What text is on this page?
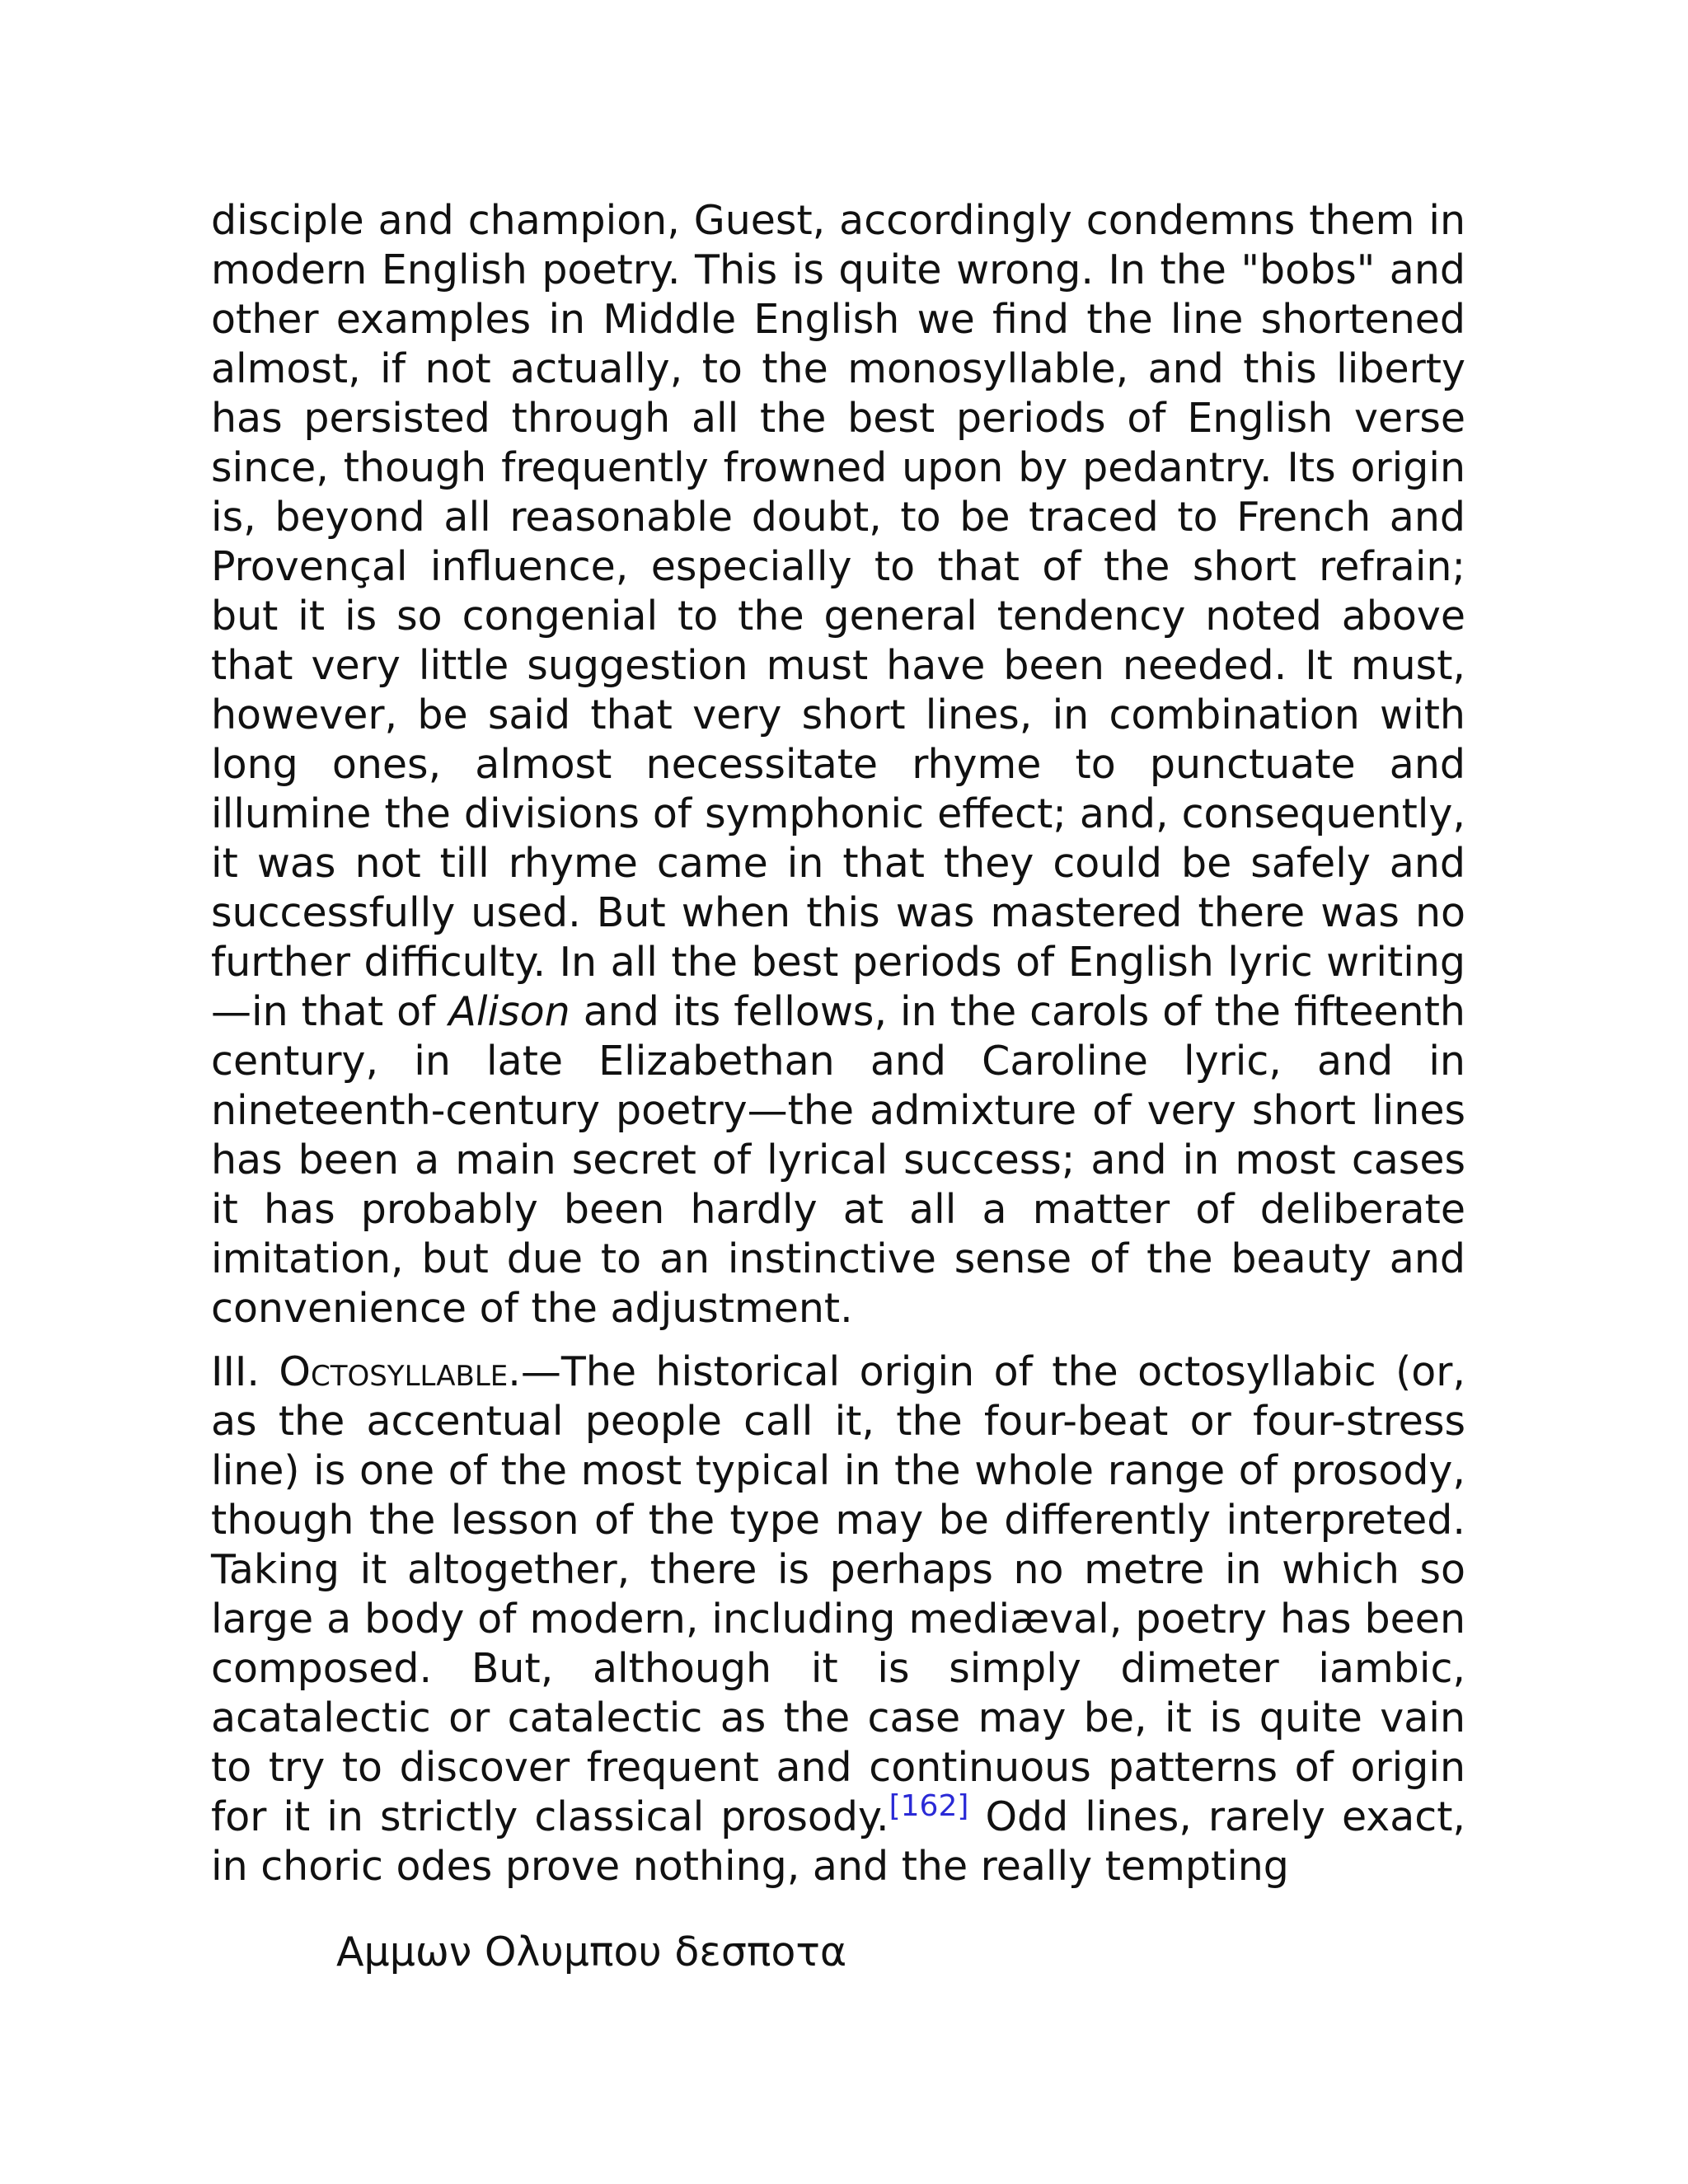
disciple and champion, Guest, accordingly condemns them in modern English poetry. This is quite wrong. In the "bobs" and other examples in Middle English we find the line shortened almost, if not actually, to the monosyllable, and this liberty has persisted through all the best periods of English verse since, though frequently frowned upon by pedantry. Its origin is, beyond all reasonable doubt, to be traced to French and Provençal influence, especially to that of the short refrain; but it is so congenial to the general tendency noted above that very little suggestion must have been needed. It must, however, be said that very short lines, in combination with long ones, almost necessitate rhyme to punctuate and illumine the divisions of symphonic effect; and, consequently, it was not till rhyme came in that they could be safely and successfully used. But when this was mastered there was no further difficulty. In all the best periods of English lyric writing—in that of Alison and its fellows, in the carols of the fifteenth century, in late Elizabethan and Caroline lyric, and in nineteenth-century poetry—the admixture of very short lines has been a main secret of lyrical success; and in most cases it has probably been hardly at all a matter of deliberate imitation, but due to an instinctive sense of the beauty and convenience of the adjustment.

III. Octosyllable.—The historical origin of the octosyllabic (or, as the accentual people call it, the four-beat or four-stress line) is one of the most typical in the whole range of prosody, though the lesson of the type may be differently interpreted. Taking it altogether, there is perhaps no metre in which so large a body of modern, including mediæval, poetry has been composed. But, although it is simply dimeter iambic, acatalectic or catalectic as the case may be, it is quite vain to try to discover frequent and continuous patterns of origin for it in strictly classical prosody.[162] Odd lines, rarely exact, in choric odes prove nothing, and the really tempting

Αμμων Ολυμπου δεσποτα
